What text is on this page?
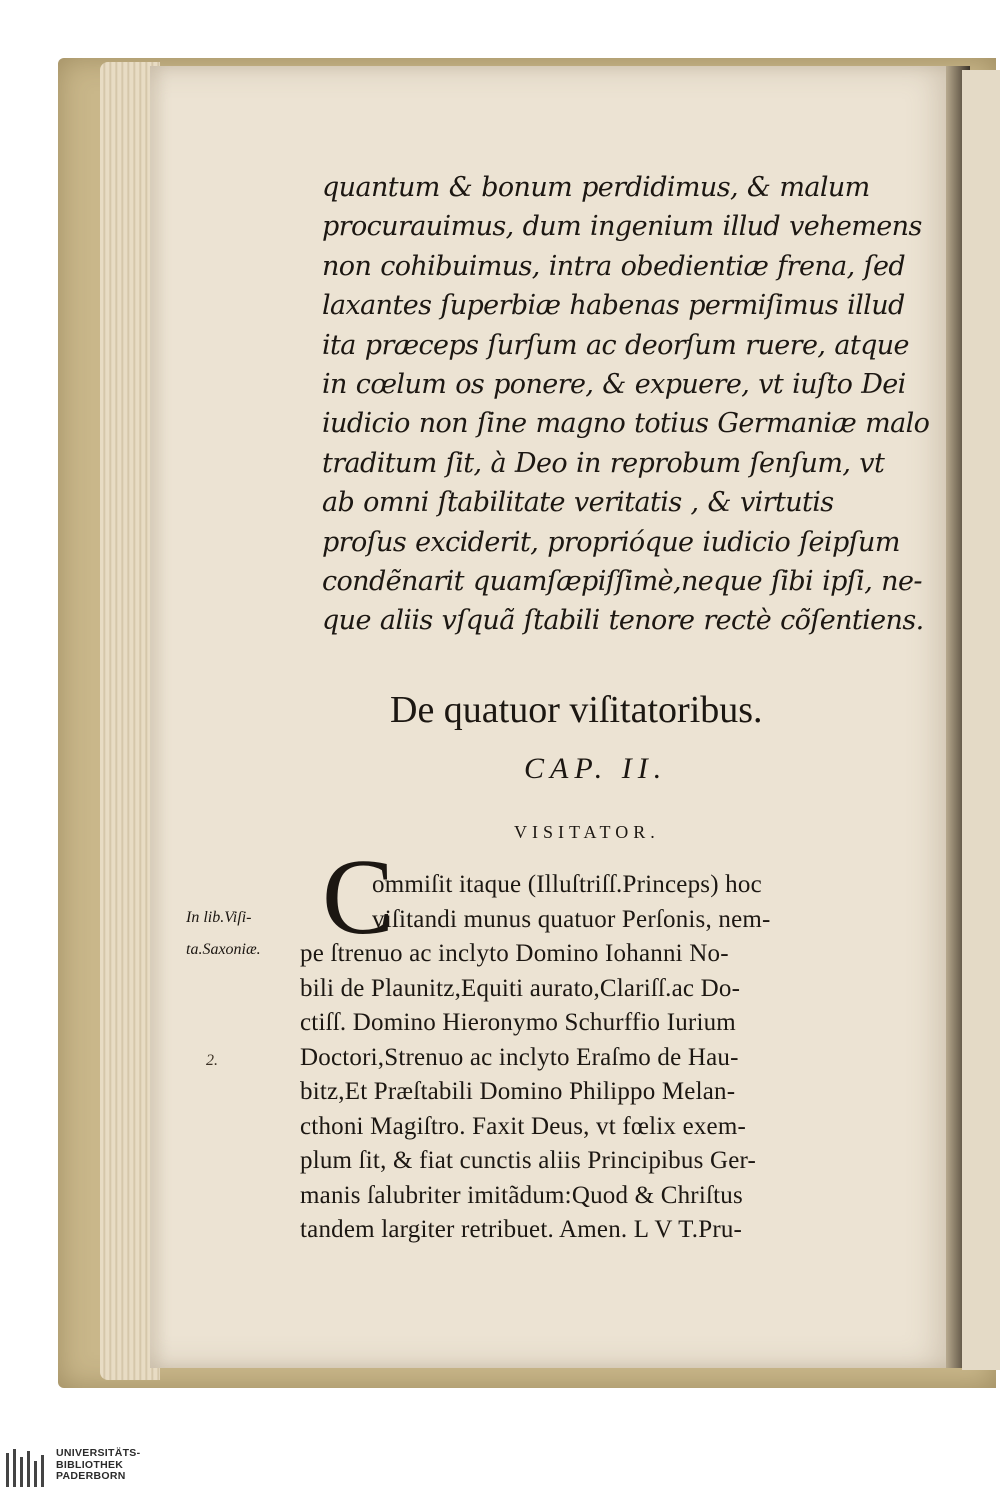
quantum & bonum perdidimus, & malum
procurauimus, dum ingenium illud vehemens
non cohibuimus, intra obedientiæ frena, ſed
laxantes ſuperbiæ habenas permiſimus illud
ita præceps ſurſum ac deorſum ruere, atque
in cœlum os ponere, & expuere, vt iuſto Dei
iudicio non ſine magno totius Germaniæ malo
traditum ſit, à Deo in reprobum ſenſum, vt
ab omni ſtabilitate veritatis , & virtutis
proſus exciderit, proprióque iudicio ſeipſum
condẽnarit quamſæpiſſimè,neque ſibi ipſi, ne-
que aliis vſquã ſtabili tenore rectè cõſentiens.
De quatuor viſitatoribus.
CAP. II.
VISITATOR.
C
In lib.Viſi-
ta.Saxoniæ.
2.
ommiſit itaque (Illuſtriſſ.Princeps) hoc
viſitandi munus quatuor Perſonis, nem-
pe ſtrenuo ac inclyto Domino Iohanni No-
bili de Plaunitz,Equiti aurato,Clariſſ.ac Do-
ctiſſ. Domino Hieronymo Schurffio Iurium
Doctori,Strenuo ac inclyto Eraſmo de Hau-
bitz,Et Præſtabili Domino Philippo Melan-
cthoni Magiſtro. Faxit Deus, vt fœlix exem-
plum ſit, & fiat cunctis aliis Principibus Ger-
manis ſalubriter imitãdum:Quod & Chriſtus
tandem largiter retribuet. Amen. L V T.Pru-
UNIVERSITÄTS-
BIBLIOTHEK
PADERBORN
